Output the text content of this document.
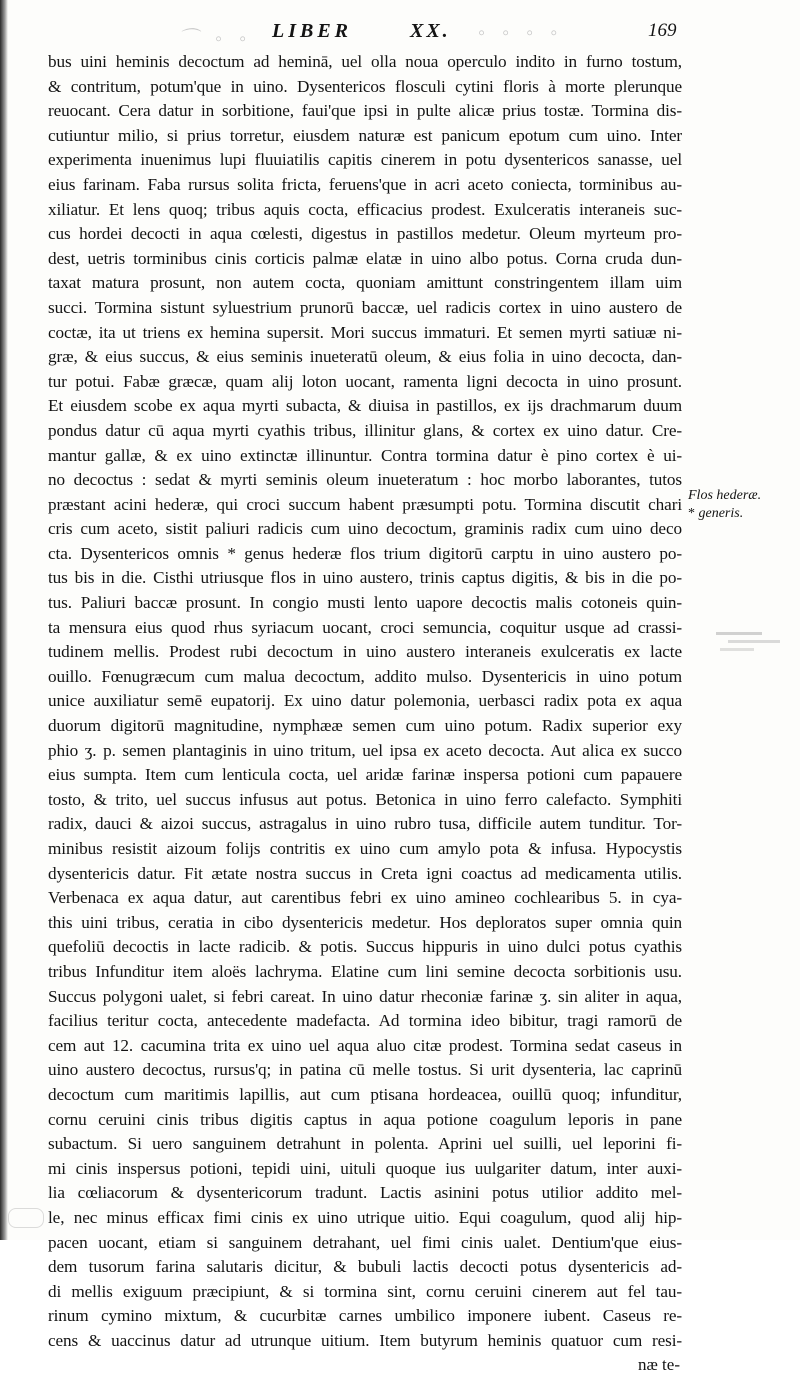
⌒ ◦ ◦ LIBER	XX. ◦ ◦ ◦ ◦	169
bus uini heminis decoctum ad heminā, uel olla noua operculo indito in furno tostum,
& contritum, potum'que in uino. Dysentericos flosculi cytini floris à morte plerunque
reuocant. Cera datur in sorbitione, faui'que ipsi in pulte alicæ prius tostæ. Tormina dis-
cutiuntur milio, si prius torretur, eiusdem naturæ est panicum epotum cum uino. Inter
experimenta inuenimus lupi fluuiatilis capitis cinerem in potu dysentericos sanasse, uel
eius farinam. Faba rursus solita fricta, feruens'que in acri aceto coniecta, torminibus au-
xiliatur. Et lens quoq; tribus aquis cocta, efficacius prodest. Exulceratis interaneis suc-
cus hordei decocti in aqua cœlesti, digestus in pastillos medetur. Oleum myrteum pro-
dest, uetris torminibus cinis corticis palmæ elatæ in uino albo potus. Corna cruda dun-
taxat matura prosunt, non autem cocta, quoniam amittunt constringentem illam uim
succi. Tormina sistunt syluestrium prunorū baccæ, uel radicis cortex in uino austero de
coctæ, ita ut triens ex hemina supersit. Mori succus immaturi. Et semen myrti satiuæ ni-
græ, & eius succus, & eius seminis inueteratū oleum, & eius folia in uino decocta, dan-
tur potui. Fabæ græcæ, quam alij loton uocant, ramenta ligni decocta in uino prosunt.
Et eiusdem scobe ex aqua myrti subacta, & diuisa in pastillos, ex ijs drachmarum duum
pondus datur cū aqua myrti cyathis tribus, illinitur glans, & cortex ex uino datur. Cre-
mantur gallæ, & ex uino extinctæ illinuntur. Contra tormina datur è pino cortex è ui-
no decoctus : sedat & myrti seminis oleum inueteratum : hoc morbo laborantes, tutos
præstant acini hederæ, qui croci succum habent præsumpti potu. Tormina discutit chari
cris cum aceto, sistit paliuri radicis cum uino decoctum, graminis radix cum uino deco
cta. Dysentericos omnis * genus hederæ flos trium digitorū carptu in uino austero po-
tus bis in die. Cisthi utriusque flos in uino austero, trinis captus digitis, & bis in die po-
tus. Paliuri baccæ prosunt. In congio musti lento uapore decoctis malis cotoneis quin-
ta mensura eius quod rhus syriacum uocant, croci semuncia, coquitur usque ad crassi-
tudinem mellis. Prodest rubi decoctum in uino austero interaneis exulceratis ex lacte
ouillo. Fœnugræcum cum malua decoctum, addito mulso. Dysentericis in uino potum
unice auxiliatur semē eupatorij. Ex uino datur polemonia, uerbasci radix pota ex aqua
duorum digitorū magnitudine, nymphææ semen cum uino potum. Radix superior exy
phio ʒ. p. semen plantaginis in uino tritum, uel ipsa ex aceto decocta. Aut alica ex succo
eius sumpta. Item cum lenticula cocta, uel aridæ farinæ inspersa potioni cum papauere
tosto, & trito, uel succus infusus aut potus. Betonica in uino ferro calefacto. Symphiti
radix, dauci & aizoi succus, astragalus in uino rubro tusa, difficile autem tunditur. Tor-
minibus resistit aizoum folijs contritis ex uino cum amylo pota & infusa. Hypocystis
dysentericis datur. Fit ætate nostra succus in Creta igni coactus ad medicamenta utilis.
Verbenaca ex aqua datur, aut carentibus febri ex uino amineo cochlearibus 5. in cya-
this uini tribus, ceratia in cibo dysentericis medetur. Hos deploratos super omnia quin
quefoliū decoctis in lacte radicib. & potis. Succus hippuris in uino dulci potus cyathis
tribus Infunditur item aloës lachryma. Elatine cum lini semine decocta sorbitionis usu.
Succus polygoni ualet, si febri careat. In uino datur rheconiæ farinæ ʒ. sin aliter in aqua,
facilius teritur cocta, antecedente madefacta. Ad tormina ideo bibitur, tragi ramorū de
cem aut 12. cacumina trita ex uino uel aqua aluo citæ prodest. Tormina sedat caseus in
uino austero decoctus, rursus'q; in patina cū melle tostus. Si urit dysenteria, lac caprinū
decoctum cum maritimis lapillis, aut cum ptisana hordeacea, ouillū quoq; infunditur,
cornu ceruini cinis tribus digitis captus in aqua potione coagulum leporis in pane
subactum. Si uero sanguinem detrahunt in polenta. Aprini uel suilli, uel leporini fi-
mi cinis inspersus potioni, tepidi uini, uituli quoque ius uulgariter datum, inter auxi-
lia cœliacorum & dysentericorum tradunt. Lactis asinini potus utilior addito mel-
le, nec minus efficax fimi cinis ex uino utrique uitio. Equi coagulum, quod alij hip-
pacen uocant, etiam si sanguinem detrahant, uel fimi cinis ualet. Dentium'que eius-
dem tusorum farina salutaris dicitur, & bubuli lactis decocti potus dysentericis ad-
di mellis exiguum præcipiunt, & si tormina sint, cornu ceruini cinerem aut fel tau-
rinum cymino mixtum, & cucurbitæ carnes umbilico imponere iubent. Caseus re-
cens & uaccinus datur ad utrunque uitium. Item butyrum heminis quatuor cum resi-
næ te-
Flos hederæ.
* generis.
